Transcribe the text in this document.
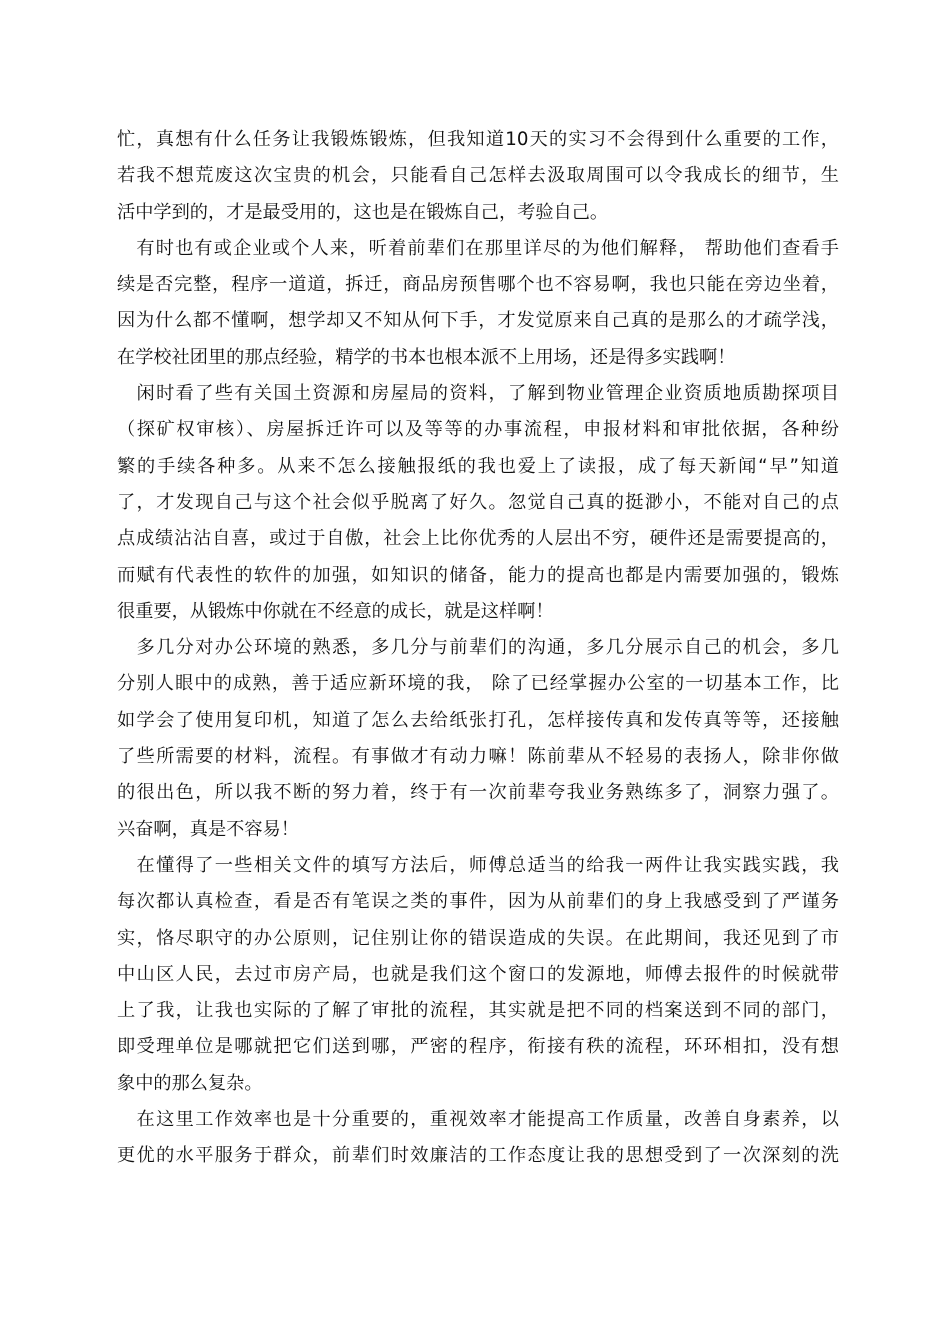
忙，真想有什么任务让我锻炼锻炼，但我知道10天的实习不会得到什么重要的工作，
若我不想荒废这次宝贵的机会，只能看自己怎样去汲取周围可以令我成长的细节，生
活中学到的，才是最受用的，这也是在锻炼自己，考验自己。
　有时也有或企业或个人来，听着前辈们在那里详尽的为他们解释， 帮助他们查看手
续是否完整，程序一道道，拆迁，商品房预售哪个也不容易啊，我也只能在旁边坐着，
因为什么都不懂啊，想学却又不知从何下手，才发觉原来自己真的是那么的才疏学浅，
在学校社团里的那点经验，精学的书本也根本派不上用场，还是得多实践啊！
　闲时看了些有关国土资源和房屋局的资料，了解到物业管理企业资质地质勘探项目
（探矿权审核）、房屋拆迁许可以及等等的办事流程，申报材料和审批依据，各种纷
繁的手续各种多。从来不怎么接触报纸的我也爱上了读报，成了每天新闻“早”知道
了，才发现自己与这个社会似乎脱离了好久。忽觉自己真的挺渺小，不能对自己的点
点成绩沾沾自喜，或过于自傲，社会上比你优秀的人层出不穷，硬件还是需要提高的，
而赋有代表性的软件的加强，如知识的储备，能力的提高也都是内需要加强的，锻炼
很重要，从锻炼中你就在不经意的成长，就是这样啊！
　多几分对办公环境的熟悉，多几分与前辈们的沟通，多几分展示自己的机会，多几
分别人眼中的成熟，善于适应新环境的我， 除了已经掌握办公室的一切基本工作，比
如学会了使用复印机，知道了怎么去给纸张打孔，怎样接传真和发传真等等，还接触
了些所需要的材料，流程。有事做才有动力嘛！陈前辈从不轻易的表扬人，除非你做
的很出色，所以我不断的努力着，终于有一次前辈夸我业务熟练多了，洞察力强了。
兴奋啊，真是不容易！
　在懂得了一些相关文件的填写方法后，师傅总适当的给我一两件让我实践实践，我
每次都认真检查，看是否有笔误之类的事件，因为从前辈们的身上我感受到了严谨务
实，恪尽职守的办公原则，记住别让你的错误造成的失误。在此期间，我还见到了市
中山区人民，去过市房产局，也就是我们这个窗口的发源地，师傅去报件的时候就带
上了我，让我也实际的了解了审批的流程，其实就是把不同的档案送到不同的部门，
即受理单位是哪就把它们送到哪，严密的程序，衔接有秩的流程，环环相扣，没有想
象中的那么复杂。
　在这里工作效率也是十分重要的，重视效率才能提高工作质量，改善自身素养，以
更优的水平服务于群众，前辈们时效廉洁的工作态度让我的思想受到了一次深刻的洗
